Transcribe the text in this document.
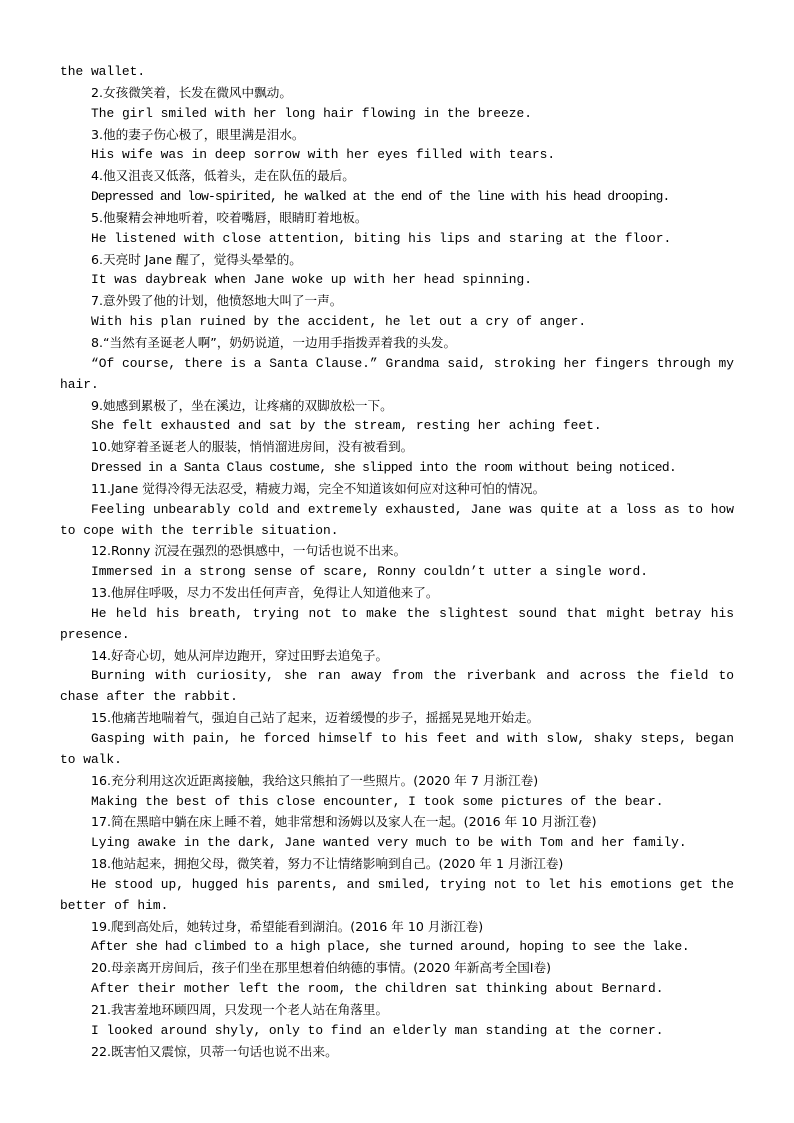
the wallet.

2.女孩微笑着，长发在微风中飘动。

The girl smiled with her long hair flowing in the breeze.

3.他的妻子伤心极了，眼里满是泪水。

His wife was in deep sorrow with her eyes filled with tears.

4.他又沮丧又低落，低着头，走在队伍的最后。

Depressed and low-spirited, he walked at the end of the line with his head drooping.

5.他聚精会神地听着，咬着嘴唇，眼睛盯着地板。

He listened with close attention, biting his lips and staring at the floor.

6.天亮时 Jane 醒了，觉得头晕晕的。

It was daybreak when Jane woke up with her head spinning.

7.意外毁了他的计划，他愤怒地大叫了一声。

With his plan ruined by the accident, he let out a cry of anger.

8.“当然有圣诞老人啊”，奶奶说道，一边用手指拨弄着我的头发。

“Of course, there is a Santa Clause.” Grandma said, stroking her fingers through my hair.

9.她感到累极了，坐在溪边，让疼痛的双脚放松一下。

She felt exhausted and sat by the stream, resting her aching feet.

10.她穿着圣诞老人的服装，悄悄溜进房间，没有被看到。

Dressed in a Santa Claus costume, she slipped into the room without being noticed.

11.Jane 觉得冷得无法忍受，精疲力竭，完全不知道该如何应对这种可怕的情况。

Feeling unbearably cold and extremely exhausted, Jane was quite at a loss as to how to cope with the terrible situation.

12.Ronny 沉浸在强烈的恐惧感中，一句话也说不出来。

Immersed in a strong sense of scare, Ronny couldn’t utter a single word.

13.他屏住呼吸，尽力不发出任何声音，免得让人知道他来了。

He held his breath, trying not to make the slightest sound that might betray his presence.

14.好奇心切，她从河岸边跑开，穿过田野去追兔子。

Burning with curiosity, she ran away from the riverbank and across the field to chase after the rabbit.

15.他痛苦地喘着气，强迫自己站了起来，迈着缓慢的步子，摇摇晃晃地开始走。

Gasping with pain, he forced himself to his feet and with slow, shaky steps, began to walk.

16.充分利用这次近距离接触，我给这只熊拍了一些照片。(2020 年 7 月浙江卷)

Making the best of this close encounter, I took some pictures of the bear.

17.简在黑暗中躺在床上睡不着，她非常想和汤姆以及家人在一起。(2016 年 10 月浙江卷)

Lying awake in the dark, Jane wanted very much to be with Tom and her family.

18.他站起来，拥抱父母，微笑着，努力不让情绪影响到自己。(2020 年 1 月浙江卷)

He stood up, hugged his parents, and smiled, trying not to let his emotions get the better of him.

19.爬到高处后，她转过身，希望能看到湖泊。(2016 年 10 月浙江卷)

After she had climbed to a high place, she turned around, hoping to see the lake.

20.母亲离开房间后，孩子们坐在那里想着伯纳德的事情。(2020 年新高考全国Ⅰ卷)

After their mother left the room, the children sat thinking about Bernard.

21.我害羞地环顾四周，只发现一个老人站在角落里。

I looked around shyly, only to find an elderly man standing at the corner.

22.既害怕又震惊，贝蒂一句话也说不出来。
